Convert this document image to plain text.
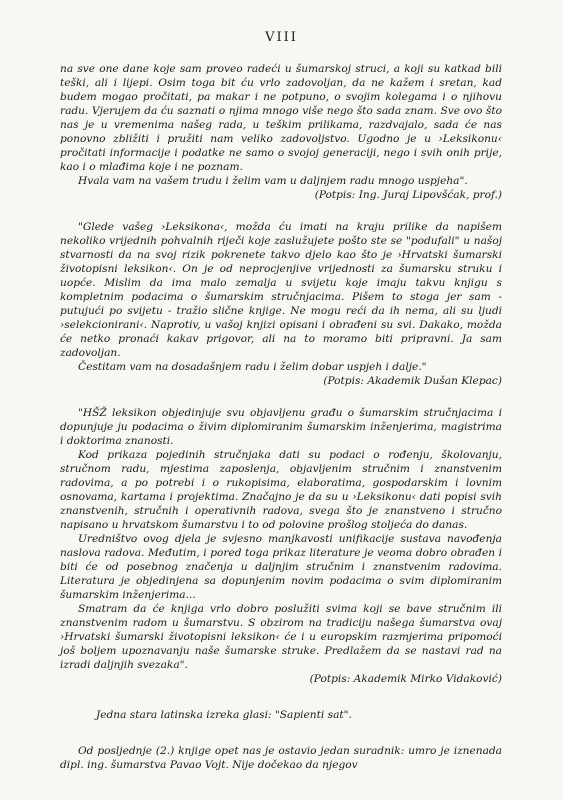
VIII

na sve one dane koje sam proveo radeći u šumarskoj struci, a koji su katkad bili teški, ali i lijepi. Osim toga bit ću vrlo zadovoljan, da ne kažem i sretan, kad budem mogao pročitati, pa makar i ne potpuno, o svojim kolegama i o njihovu radu. Vjerujem da ću saznati o njima mnogo više nego što sada znam. Sve ovo što nas je u vremenima našeg rada, u teškim prilikama, razdvajalo, sada će nas ponovno zbližiti i pružiti nam veliko zadovoljstvo. Ugodno je u ›Leksikonu‹ pročitati informacije i podatke ne samo o svojoj generaciji, nego i svih onih prije, kao i o mlađima koje i ne poznam.

Hvala vam na vašem trudu i želim vam u daljnjem radu mnogo uspjeha".

(Potpis: Ing. Juraj Lipovšćak, prof.)

"Glede vašeg ›Leksikona‹, možda ću imati na kraju prilike da napišem nekoliko vrijednih pohvalnih riječi koje zaslužujete pošto ste se "podufali" u našoj stvarnosti da na svoj rizik pokrenete takvo djelo kao što je ›Hrvatski šumarski životopisni leksikon‹. On je od neprocjenjive vrijednosti za šumarsku struku i uopće. Mislim da ima malo zemalja u svijetu koje imaju takvu knjigu s kompletnim podacima o šumarskim stručnjacima. Pišem to stoga jer sam - putujući po svijetu - tražio slične knjige. Ne mogu reći da ih nema, ali su ljudi ›selekcionirani‹. Naprotiv, u vašoj knjizi opisani i obrađeni su svi. Dakako, možda će netko pronaći kakav prigovor, ali na to moramo biti pripravni. Ja sam zadovoljan.

Čestitam vam na dosadašnjem radu i želim dobar uspjeh i dalje."

(Potpis: Akademik Dušan Klepac)

"HŠŽ leksikon objedinjuje svu objavljenu građu o šumarskim stručnjacima i dopunjuje ju podacima o živim diplomiranim šumarskim inženjerima, magistrima i doktorima znanosti.

Kod prikaza pojedinih stručnjaka dati su podaci o rođenju, školovanju, stručnom radu, mjestima zaposlenja, objavljenim stručnim i znanstvenim radovima, a po potrebi i o rukopisima, elaboratima, gospodarskim i lovnim osnovama, kartama i projektima. Značajno je da su u ›Leksikonu‹ dati popisi svih znanstvenih, stručnih i operativnih radova, svega što je znanstveno i stručno napisano u hrvatskom šumarstvu i to od polovine prošlog stoljeća do danas.

Uredništvo ovog djela je svjesno manjkavosti unifikacije sustava navođenja naslova radova. Međutim, i pored toga prikaz literature je veoma dobro obrađen i biti će od posebnog značenja u daljnjim stručnim i znanstvenim radovima. Literatura je objedinjena sa dopunjenim novim podacima o svim diplomiranim šumarskim inženjerima...

Smatram da će knjiga vrlo dobro poslužiti svima koji se bave stručnim ili znanstvenim radom u šumarstvu. S obzirom na tradiciju našega šumarstva ovaj ›Hrvatski šumarski životopisni leksikon‹ će i u europskim razmjerima pripomoći još boljem upoznavanju naše šumarske struke. Predlažem da se nastavi rad na izradi daljnjih svezaka".

(Potpis: Akademik Mirko Vidaković)

Jedna stara latinska izreka glasi: "Sapienti sat".

Od posljednje (2.) knjige opet nas je ostavio jedan suradnik: umro je iznenada dipl. ing. šumarstva Pavao Vojt. Nije dočekao da njegov
